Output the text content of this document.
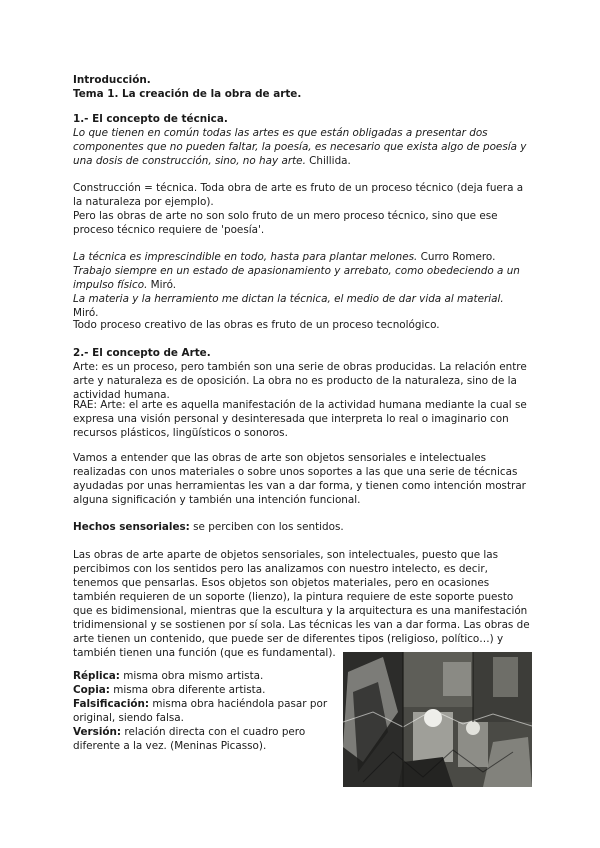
Introducción.
Tema 1. La creación de la obra de arte.

1.- El concepto de técnica.

Lo que tienen en común todas las artes es que están obligadas a presentar dos componentes que no pueden faltar, la poesía, es necesario que exista algo de poesía y una dosis de construcción, sino, no hay arte. Chillida.

Construcción = técnica. Toda obra de arte es fruto de un proceso técnico (deja fuera a la naturaleza por ejemplo).

Pero las obras de arte no son solo fruto de un mero proceso técnico, sino que ese proceso técnico requiere de 'poesía'.

La técnica es imprescindible en todo, hasta para plantar melones. Curro Romero.

Trabajo siempre en un estado de apasionamiento y arrebato, como obedeciendo a un impulso físico. Miró.

La materia y la herramiento me dictan la técnica, el medio de dar vida al material. Miró.

Todo proceso creativo de las obras es fruto de un proceso tecnológico.

2.- El concepto de Arte.

Arte: es un proceso, pero también son una serie de obras producidas. La relación entre arte y naturaleza es de oposición. La obra no es producto de la naturaleza, sino de la actividad humana.

RAE: Arte: el arte es aquella manifestación de la actividad humana mediante la cual se expresa una visión personal y desinteresada que interpreta lo real o imaginario con recursos plásticos, lingüísticos o sonoros.

Vamos a entender que las obras de arte son objetos sensoriales e intelectuales realizadas con unos materiales o sobre unos soportes a las que una serie de técnicas ayudadas por unas herramientas les van a dar forma, y tienen como intención mostrar alguna significación y también una intención funcional.

Hechos sensoriales: se perciben con los sentidos.

Las obras de arte aparte de objetos sensoriales, son intelectuales, puesto que las percibimos con los sentidos pero las analizamos con nuestro intelecto, es decir, tenemos que pensarlas. Esos objetos son objetos materiales, pero en ocasiones también requieren de un soporte (lienzo), la pintura requiere de este soporte puesto que es bidimensional, mientras que la escultura y la arquitectura es una manifestación tridimensional y se sostienen por sí sola. Las técnicas les van a dar forma. Las obras de arte tienen un contenido, que puede ser de diferentes tipos (religioso, político…) y también tienen una función (que es fundamental).

Réplica: misma obra mismo artista.
Copia: misma obra diferente artista.
Falsificación: misma obra haciéndola pasar por original, siendo falsa.
Versión: relación directa con el cuadro pero diferente a la vez. (Meninas Picasso).
